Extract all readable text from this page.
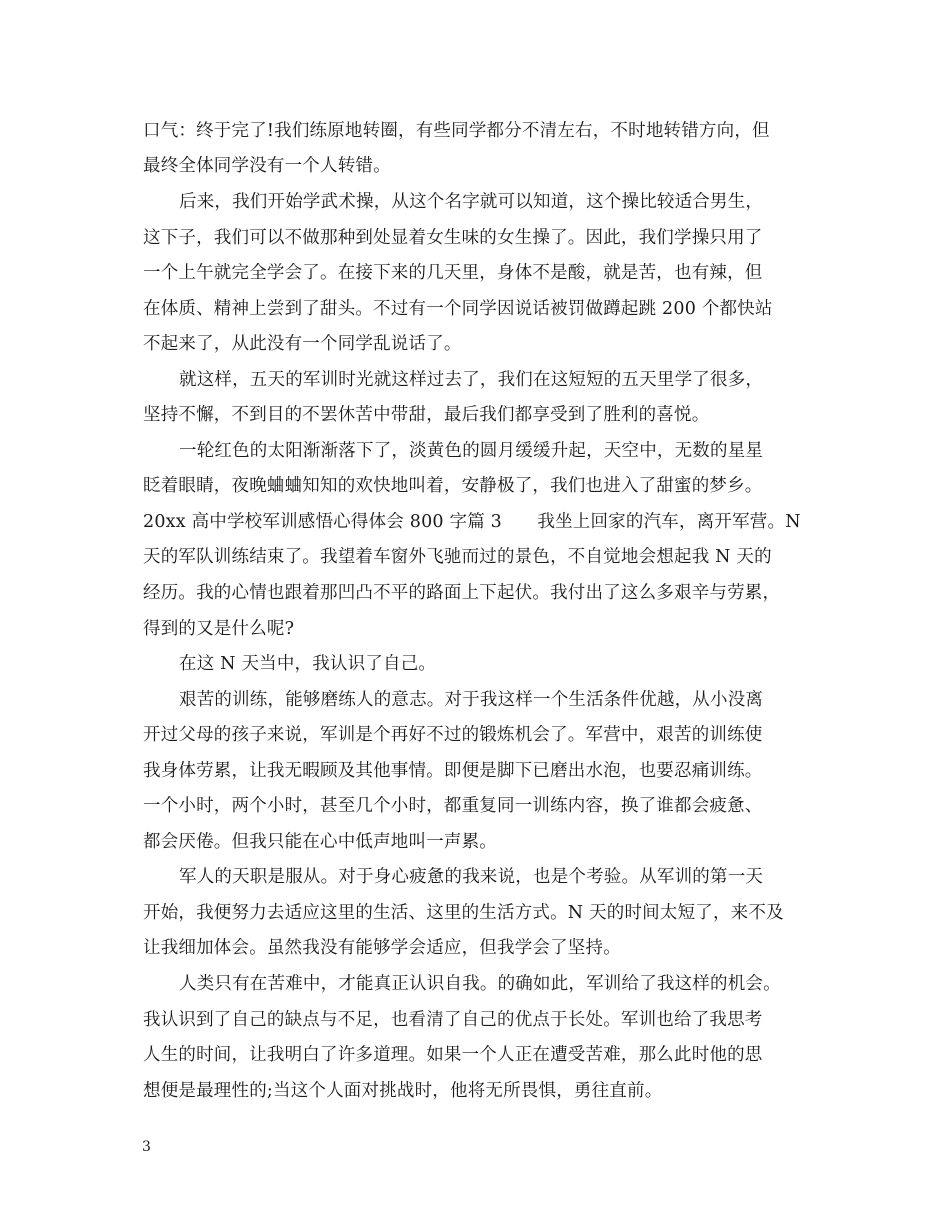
口气：终于完了!我们练原地转圈，有些同学都分不清左右，不时地转错方向，但
最终全体同学没有一个人转错。
后来，我们开始学武术操，从这个名字就可以知道，这个操比较适合男生，
这下子，我们可以不做那种到处显着女生味的女生操了。因此，我们学操只用了
一个上午就完全学会了。在接下来的几天里，身体不是酸，就是苦，也有辣，但
在体质、精神上尝到了甜头。不过有一个同学因说话被罚做蹲起跳 200 个都快站
不起来了，从此没有一个同学乱说话了。
就这样，五天的军训时光就这样过去了，我们在这短短的五天里学了很多，
坚持不懈，不到目的不罢休苦中带甜，最后我们都享受到了胜利的喜悦。
一轮红色的太阳渐渐落下了，淡黄色的圆月缓缓升起，天空中，无数的星星
眨着眼睛，夜晚蛐蛐知知的欢快地叫着，安静极了，我们也进入了甜蜜的梦乡。
20xx 高中学校军训感悟心得体会 800 字篇 3　　我坐上回家的汽车，离开军营。N
天的军队训练结束了。我望着车窗外飞驰而过的景色，不自觉地会想起我 N 天的
经历。我的心情也跟着那凹凸不平的路面上下起伏。我付出了这么多艰辛与劳累，
得到的又是什么呢?
在这 N 天当中，我认识了自己。
艰苦的训练，能够磨练人的意志。对于我这样一个生活条件优越，从小没离
开过父母的孩子来说，军训是个再好不过的锻炼机会了。军营中，艰苦的训练使
我身体劳累，让我无暇顾及其他事情。即便是脚下已磨出水泡，也要忍痛训练。
一个小时，两个小时，甚至几个小时，都重复同一训练内容，换了谁都会疲惫、
都会厌倦。但我只能在心中低声地叫一声累。
军人的天职是服从。对于身心疲惫的我来说，也是个考验。从军训的第一天
开始，我便努力去适应这里的生活、这里的生活方式。N 天的时间太短了，来不及
让我细加体会。虽然我没有能够学会适应，但我学会了坚持。
人类只有在苦难中，才能真正认识自我。的确如此，军训给了我这样的机会。
我认识到了自己的缺点与不足，也看清了自己的优点于长处。军训也给了我思考
人生的时间，让我明白了许多道理。如果一个人正在遭受苦难，那么此时他的思
想便是最理性的;当这个人面对挑战时，他将无所畏惧，勇往直前。
3
